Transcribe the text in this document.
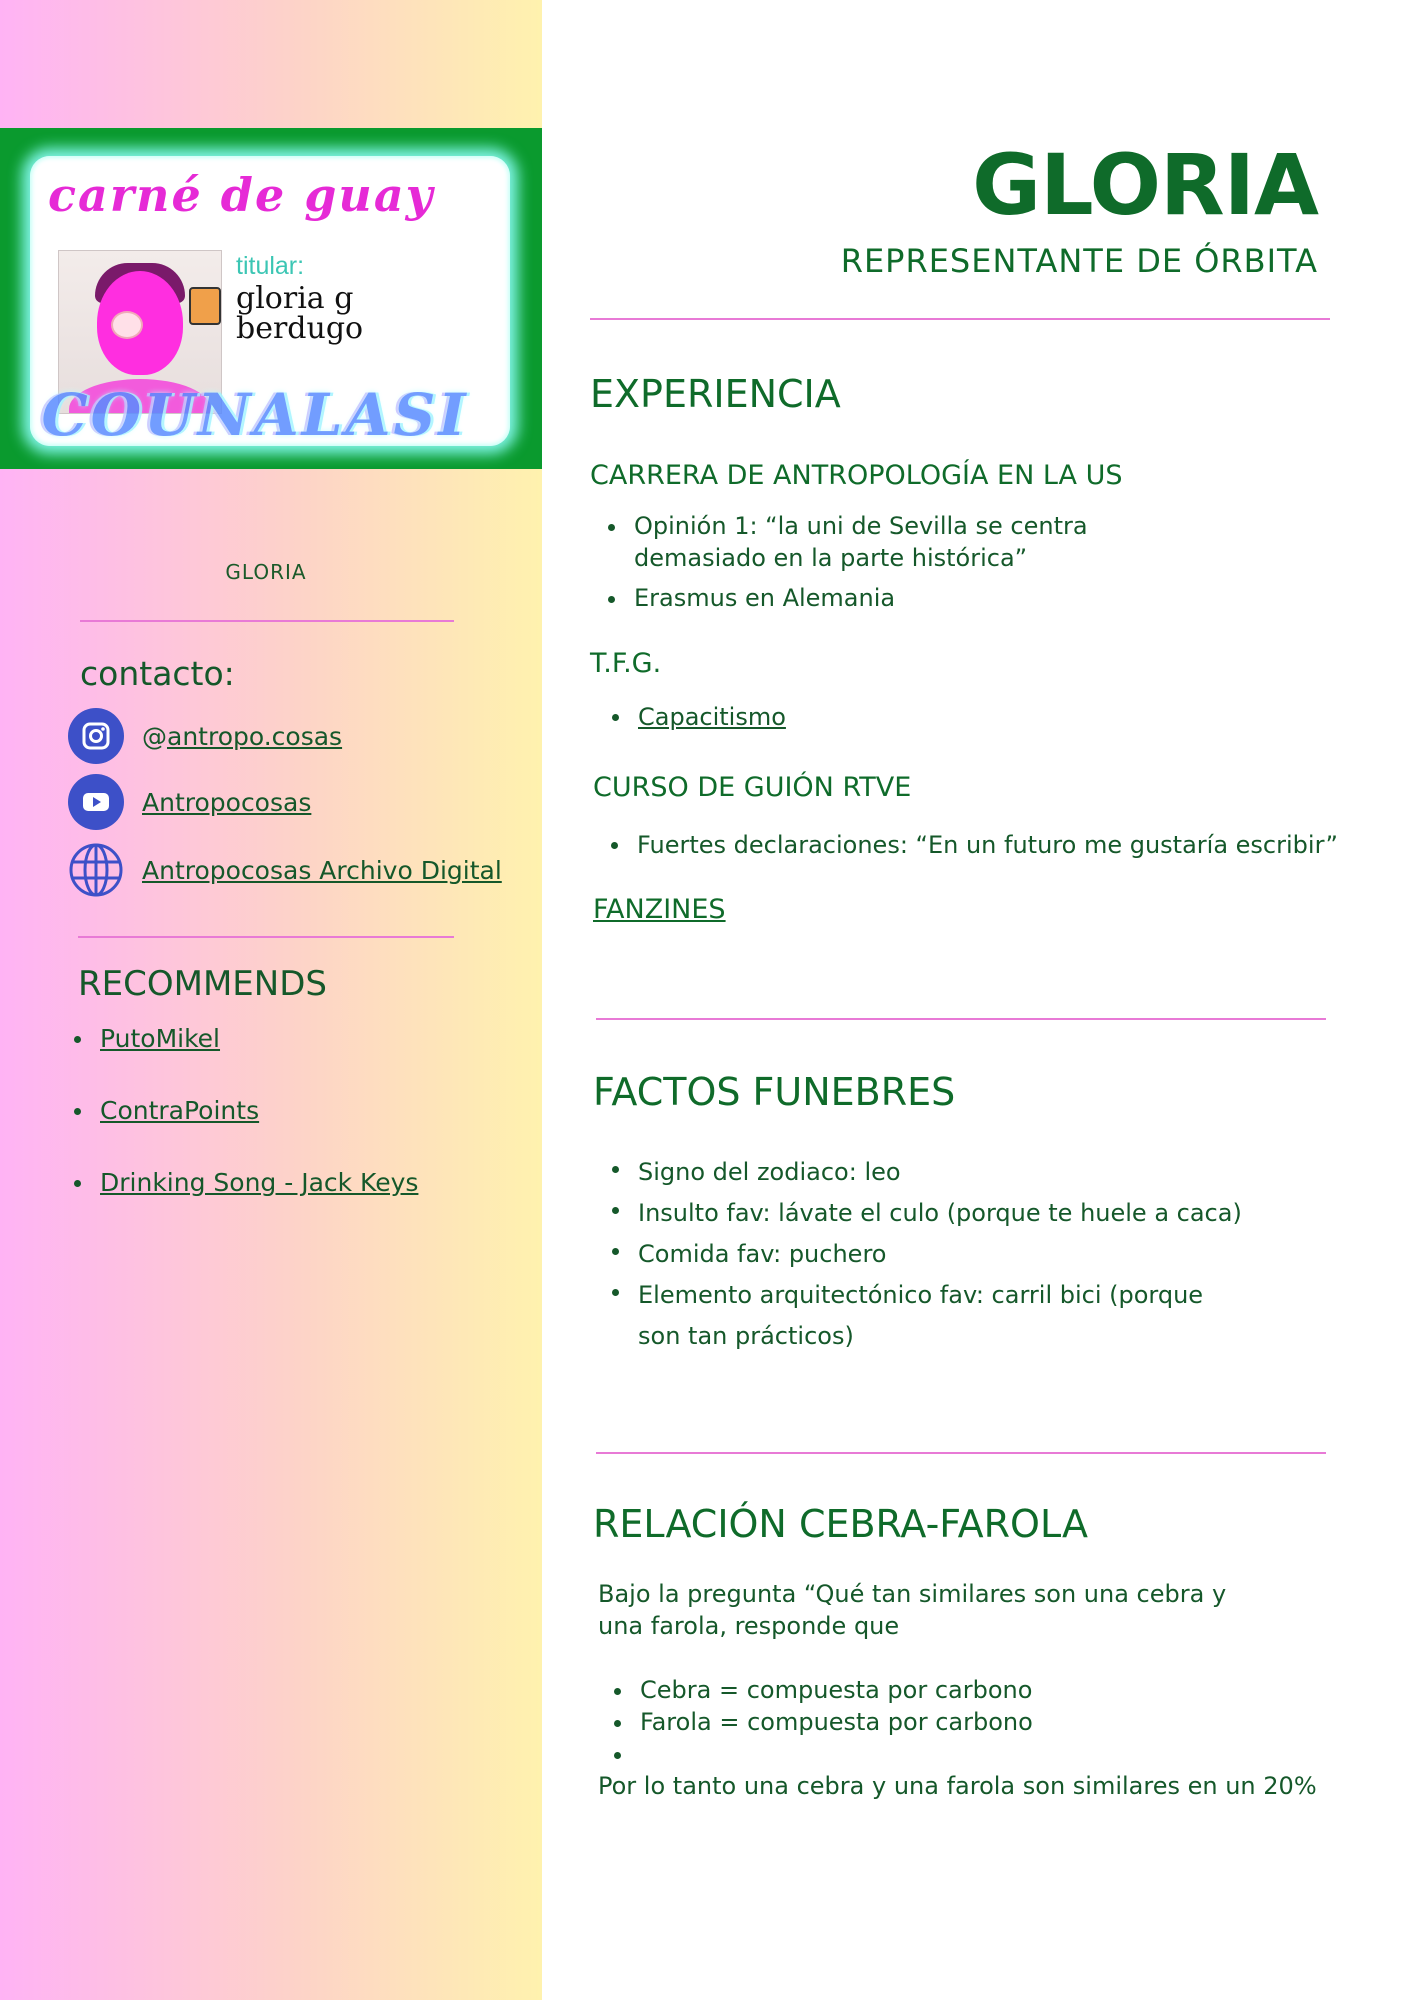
carné de guay

titular:

gloria g berdugo

COUNALASI

GLORIA

contacto:
@antropo.cosas
Antropocosas
Antropocosas Archivo Digital
RECOMMENDS
PutoMikel
ContraPoints
Drinking Song - Jack Keys
GLORIA

REPRESENTANTE DE ÓRBITA

EXPERIENCIA
CARRERA DE ANTROPOLOGÍA EN LA US
Opinión 1: “la uni de Sevilla se centra demasiado en la parte histórica”
Erasmus en Alemania
T.F.G.
Capacitismo
CURSO DE GUIÓN RTVE
Fuertes declaraciones: “En un futuro me gustaría escribir”
FANZINES
FACTOS FUNEBRES
Signo del zodiaco: leo
Insulto fav: lávate el culo (porque te huele a caca)
Comida fav: puchero
Elemento arquitectónico fav: carril bici (porque son tan prácticos)
RELACIÓN CEBRA-FAROLA

Bajo la pregunta “Qué tan similares son una cebra y una farola, responde que

Cebra = compuesta por carbono
Farola = compuesta por carbono

Por lo tanto una cebra y una farola son similares en un 20%
